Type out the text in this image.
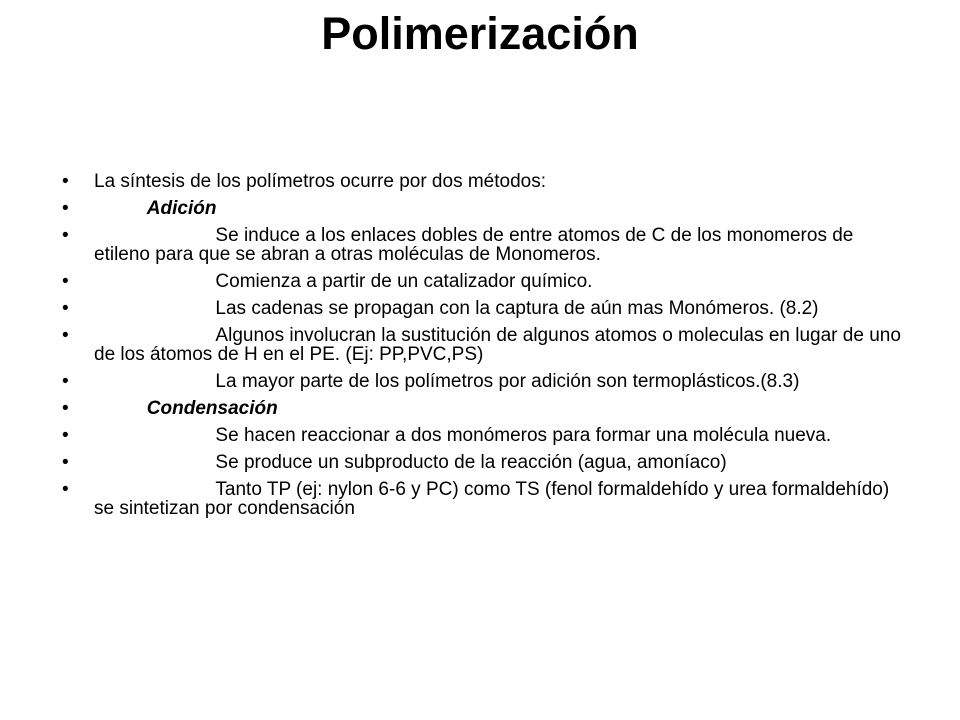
Polimerización
•	La síntesis de los polímetros ocurre por dos métodos:
•	Adición
•	Se induce a los enlaces dobles de entre atomos de C de los monomeros de etileno para que se abran a otras moléculas de Monomeros.
•	Comienza a partir de un catalizador químico.
•	Las cadenas se propagan con la captura de aún mas Monómeros. (8.2)
•	Algunos involucran la sustitución de algunos atomos o moleculas en lugar de uno de los átomos de H en el PE. (Ej: PP,PVC,PS)
•	La mayor parte de los polímetros por adición son termoplásticos.(8.3)
•	Condensación
•	Se hacen reaccionar a dos monómeros para formar una molécula nueva.
•	Se produce un subproducto de la reacción (agua, amoníaco)
•	Tanto TP (ej: nylon 6-6 y PC) como TS (fenol formaldehído y urea formaldehído) se sintetizan por condensación
